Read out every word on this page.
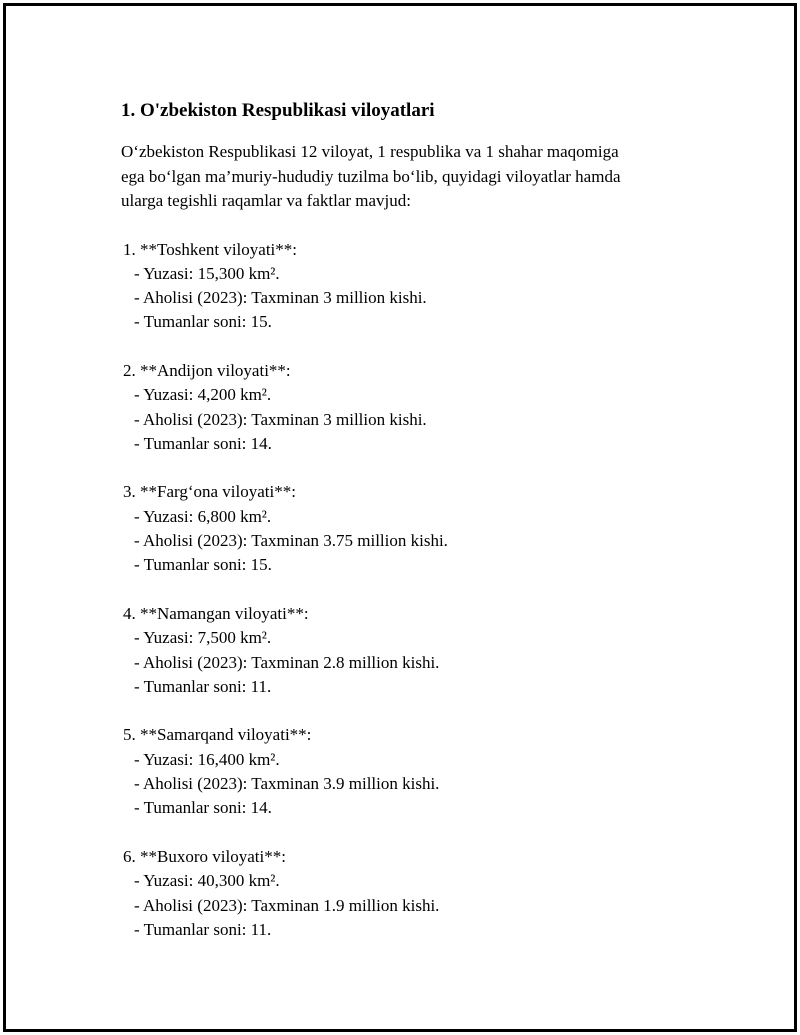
1. O'zbekiston Respublikasi viloyatlari
O‘zbekiston Respublikasi 12 viloyat, 1 respublika va 1 shahar maqomiga
ega bo‘lgan ma’muriy-hududiy tuzilma bo‘lib, quyidagi viloyatlar hamda
ularga tegishli raqamlar va faktlar mavjud:
1. **Toshkent viloyati**:
- Yuzasi: 15,300 km².
- Aholisi (2023): Taxminan 3 million kishi.
- Tumanlar soni: 15.
2. **Andijon viloyati**:
- Yuzasi: 4,200 km².
- Aholisi (2023): Taxminan 3 million kishi.
- Tumanlar soni: 14.
3. **Farg‘ona viloyati**:
- Yuzasi: 6,800 km².
- Aholisi (2023): Taxminan 3.75 million kishi.
- Tumanlar soni: 15.
4. **Namangan viloyati**:
- Yuzasi: 7,500 km².
- Aholisi (2023): Taxminan 2.8 million kishi.
- Tumanlar soni: 11.
5. **Samarqand viloyati**:
- Yuzasi: 16,400 km².
- Aholisi (2023): Taxminan 3.9 million kishi.
- Tumanlar soni: 14.
6. **Buxoro viloyati**:
- Yuzasi: 40,300 km².
- Aholisi (2023): Taxminan 1.9 million kishi.
- Tumanlar soni: 11.
